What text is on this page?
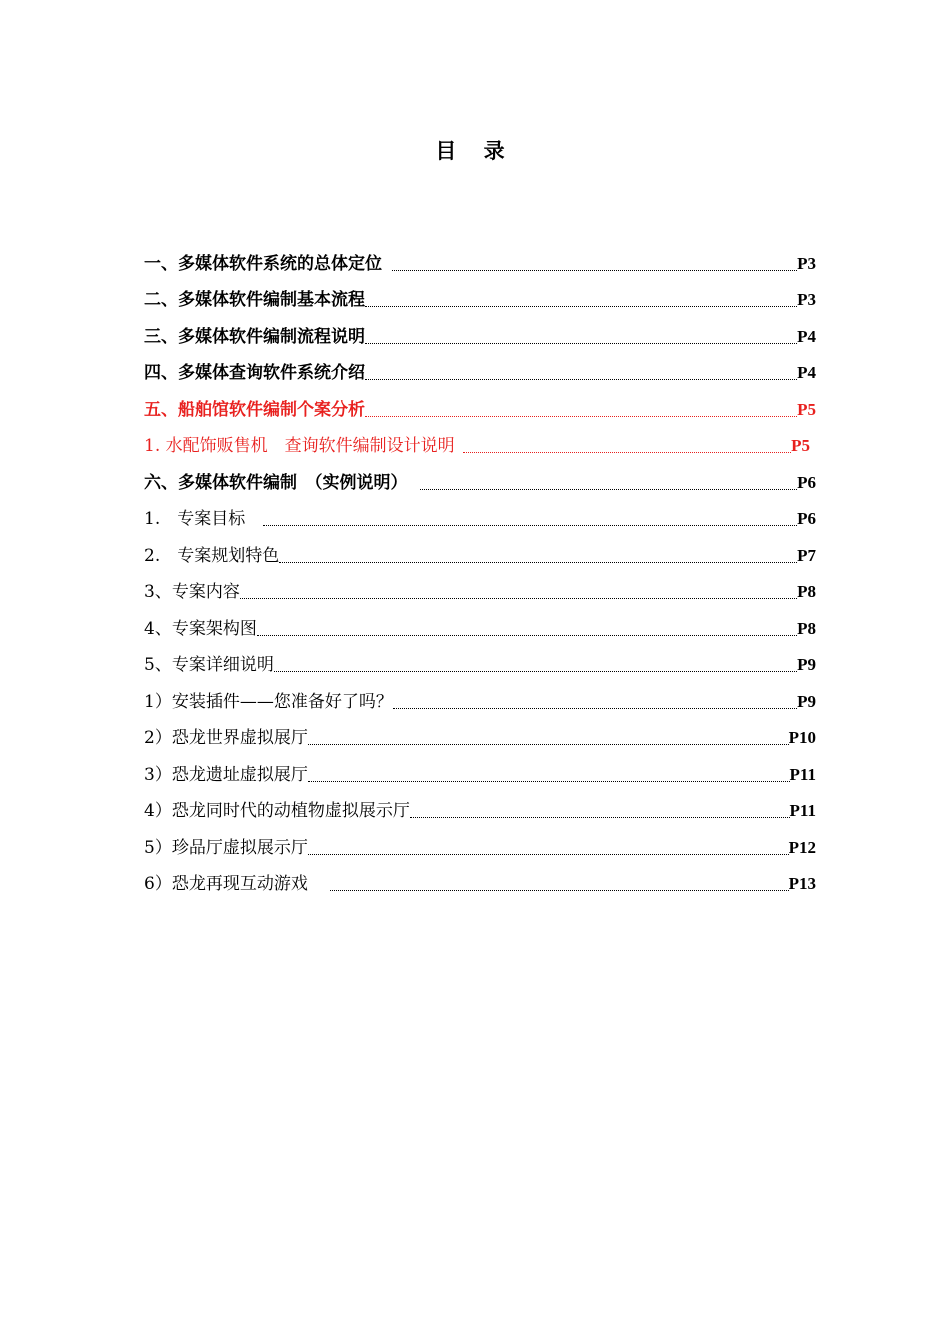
目 录
一、多媒体软件系统的总体定位	P3
二、多媒体软件编制基本流程	P3
三、多媒体软件编制流程说明	P4
四、多媒体查询软件系统介绍	P4
五、船舶馆软件编制个案分析	P5
1. 水配饰贩售机　查询软件编制设计说明	P5
六、多媒体软件编制　（实例说明）	P6
1.　专案目标	P6
2.　专案规划特色	P7
3、专案内容	P8
4、专案架构图	P8
5、专案详细说明	P9
1）安装插件——您准备好了吗？	P9
2）恐龙世界虚拟展厅	P10
3）恐龙遗址虚拟展厅	P11
4）恐龙同时代的动植物虚拟展示厅	P11
5）珍品厅虚拟展示厅	P12
6）恐龙再现互动游戏	P13
